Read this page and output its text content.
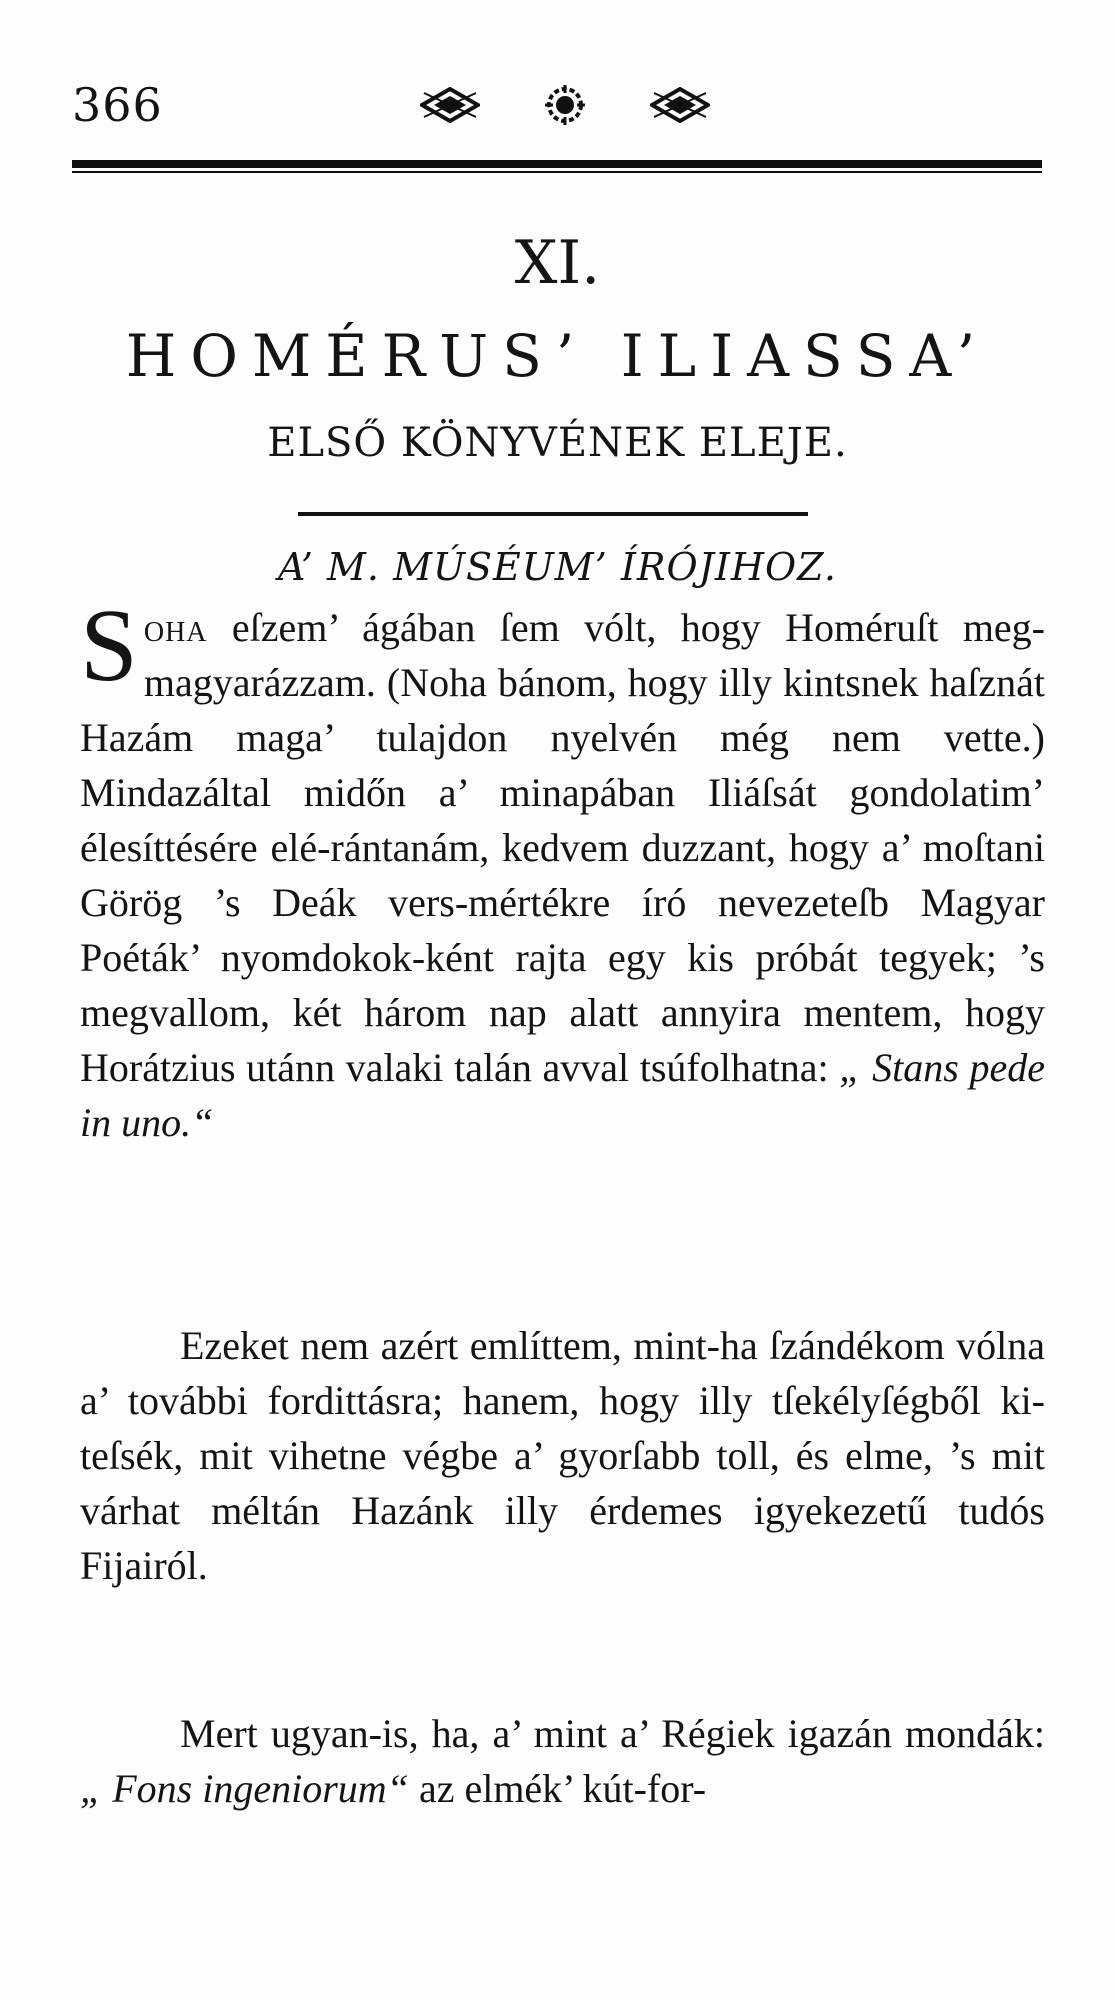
366
XI.
HOMÉRUS’ ILIASSA’
ELSŐ KÖNYVÉNEK ELEJE.
A’ M. MÚSÉUM’ ÍRÓJIHOZ.

Soha eſzem’ ágában ſem vólt, hogy Homéruſt meg-magyarázzam. (Noha bánom, hogy illy kintsnek haſznát Hazám maga’ tulajdon nyelvén még nem vette.) Mindazáltal midőn a’ minapában Iliáſsát gondolatim’ élesíttésére elé-rántanám, kedvem duzzant, hogy a’ moſtani Görög ’s Deák vers-mértékre író nevezeteſb Magyar Poéták’ nyomdokok-ként rajta egy kis próbát tegyek; ’s megvallom, két három nap alatt annyira mentem, hogy Horátzius utánn valaki talán avval tsúfolhatna: „ Stans pede in uno.“

Ezeket nem azért említtem, mint-ha ſzándékom vólna a’ további fordittásra; hanem, hogy illy tſekélyſégből ki-teſsék, mit vihetne végbe a’ gyorſabb toll, és elme, ’s mit várhat méltán Hazánk illy érdemes igyekezetű tudós Fijairól.

Mert ugyan-is, ha, a’ mint a’ Régiek igazán mondák: „ Fons ingeniorum“ az elmék’ kút-for-
